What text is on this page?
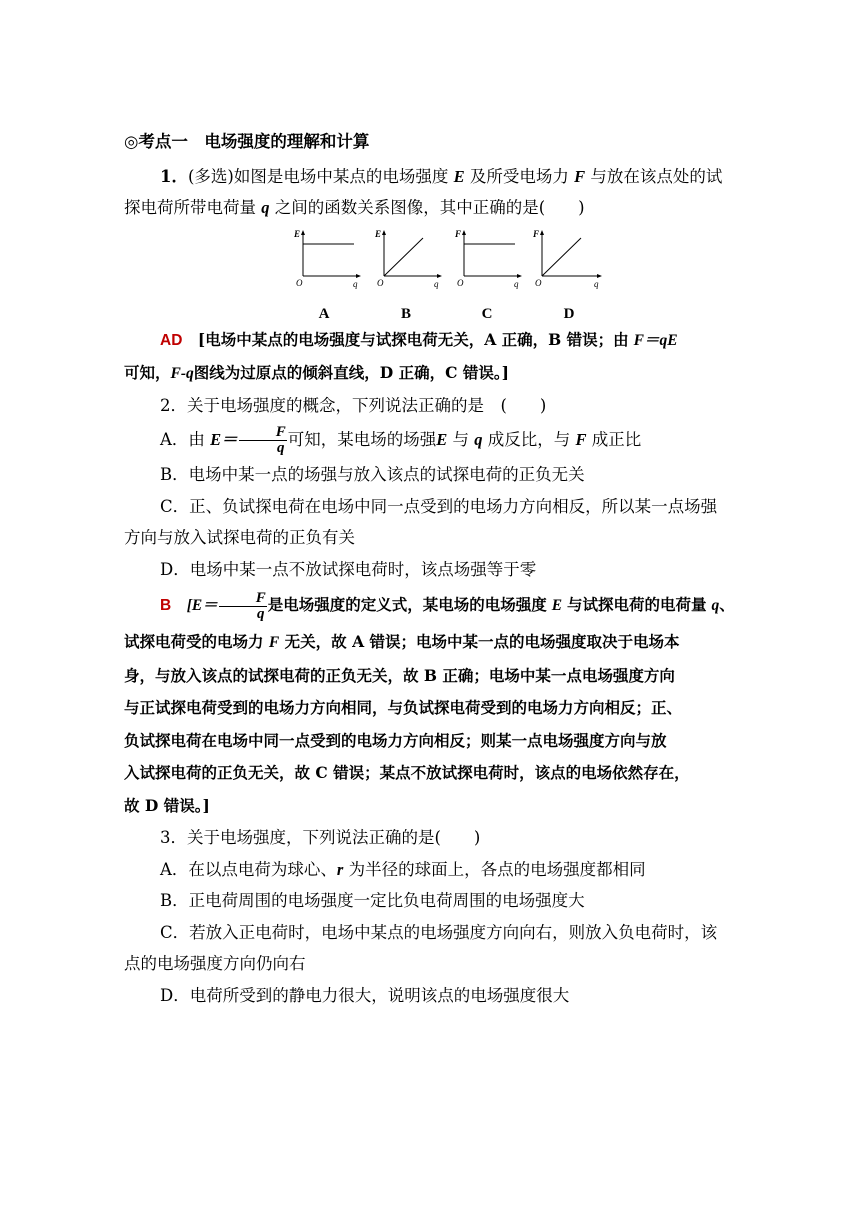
◎考点一　电场强度的理解和计算

1．(多选)如图是电场中某点的电场强度 E 及所受电场力 F 与放在该点处的试

探电荷所带电荷量 q 之间的函数关系图像，其中正确的是(　　)

E
O	q
E
O	q
F
O	q
F
O	q
A	B	C	D

AD　 [电场中某点的电场强度与试探电荷无关，A 正确，B 错误；由 F＝qE

可知，F-q图线为过原点的倾斜直线，D 正确，C 错误。]

2．关于电场强度的概念，下列说法正确的是　(　　)

A．由 $E= \frac{F}{q}$ 可知，某电场的场强E 与 q 成反比，与 F 成正比

B．电场中某一点的场强与放入该点的试探电荷的正负无关

C．正、负试探电荷在电场中同一点受到的电场力方向相反，所以某一点场强

方向与放入试探电荷的正负有关

D．电场中某一点不放试探电荷时，该点场强等于零

B　 [$E= \frac{F}{q}$ 是电场强度的定义式，某电场的电场强度 E 与试探电荷的电荷量 q、

试探电荷受的电场力 F 无关，故 A 错误；电场中某一点的电场强度取决于电场本

身，与放入该点的试探电荷的正负无关，故 B 正确；电场中某一点电场强度方向

与正试探电荷受到的电场力方向相同，与负试探电荷受到的电场力方向相反；正、

负试探电荷在电场中同一点受到的电场力方向相反；则某一点电场强度方向与放

入试探电荷的正负无关，故 C 错误；某点不放试探电荷时，该点的电场依然存在，

故 D 错误。]

3．关于电场强度，下列说法正确的是(　　)

A．在以点电荷为球心、r 为半径的球面上，各点的电场强度都相同

B．正电荷周围的电场强度一定比负电荷周围的电场强度大

C．若放入正电荷时，电场中某点的电场强度方向向右，则放入负电荷时，该

点的电场强度方向仍向右

D．电荷所受到的静电力很大，说明该点的电场强度很大
